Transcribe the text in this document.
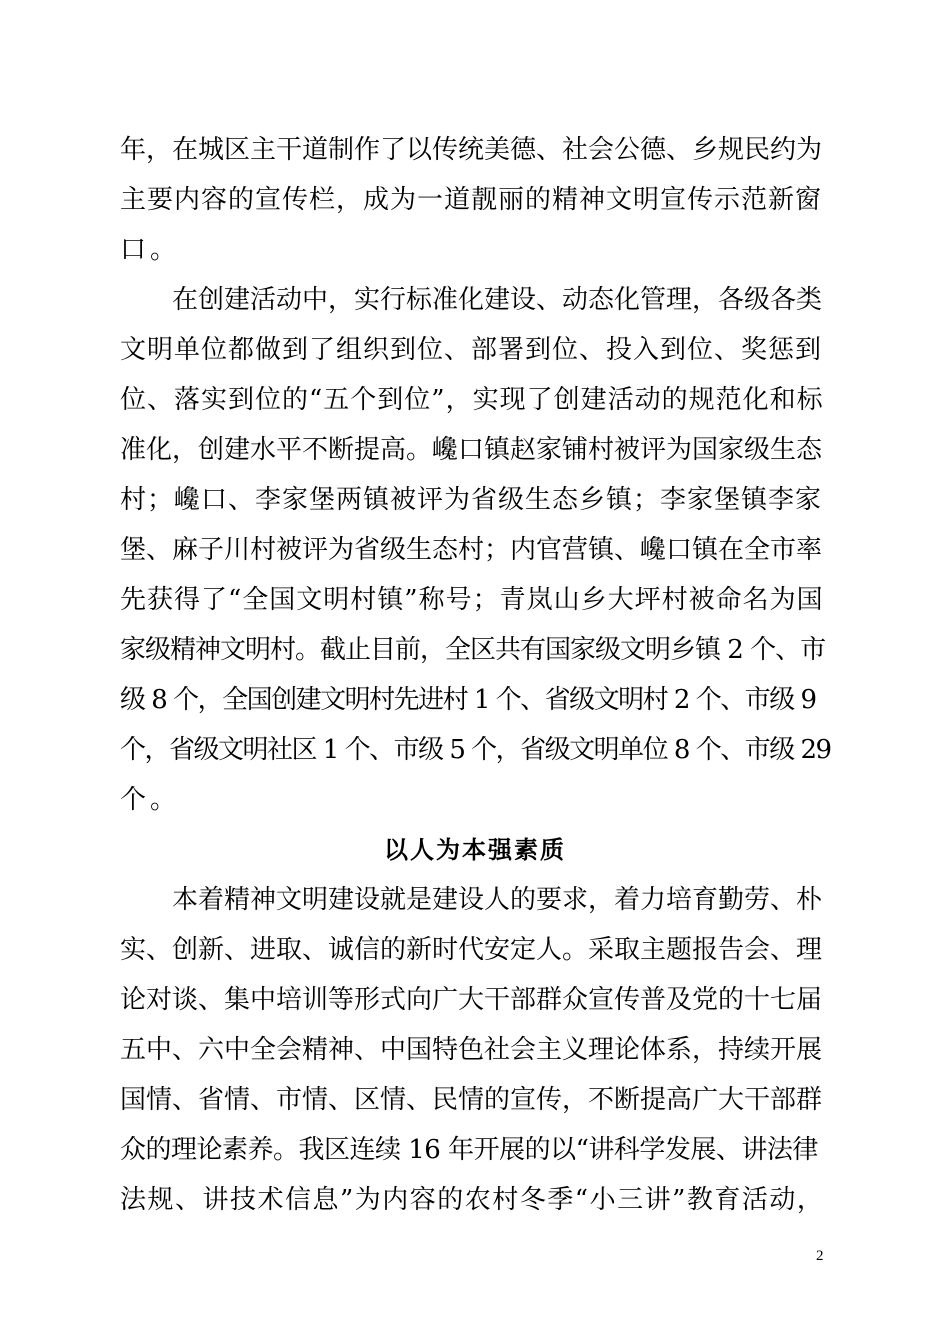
年，在城区主干道制作了以传统美德、社会公德、乡规民约为
主要内容的宣传栏，成为一道靓丽的精神文明宣传示范新窗
口。
在创建活动中，实行标准化建设、动态化管理，各级各类
文明单位都做到了组织到位、部署到位、投入到位、奖惩到
位、落实到位的“五个到位”，实现了创建活动的规范化和标
准化，创建水平不断提高。巉口镇赵家铺村被评为国家级生态
村；巉口、李家堡两镇被评为省级生态乡镇；李家堡镇李家
堡、麻子川村被评为省级生态村；内官营镇、巉口镇在全市率
先获得了“全国文明村镇”称号；青岚山乡大坪村被命名为国
家级精神文明村。截止目前，全区共有国家级文明乡镇 2 个、市
级 8 个，全国创建文明村先进村 1 个、省级文明村 2 个、市级 9
个，省级文明社区 1 个、市级 5 个，省级文明单位 8 个、市级 29
个。
以人为本强素质
本着精神文明建设就是建设人的要求，着力培育勤劳、朴
实、创新、进取、诚信的新时代安定人。采取主题报告会、理
论对谈、集中培训等形式向广大干部群众宣传普及党的十七届
五中、六中全会精神、中国特色社会主义理论体系，持续开展
国情、省情、市情、区情、民情的宣传，不断提高广大干部群
众的理论素养。我区连续 16 年开展的以“讲科学发展、讲法律
法规、讲技术信息”为内容的农村冬季“小三讲”教育活动，
2
